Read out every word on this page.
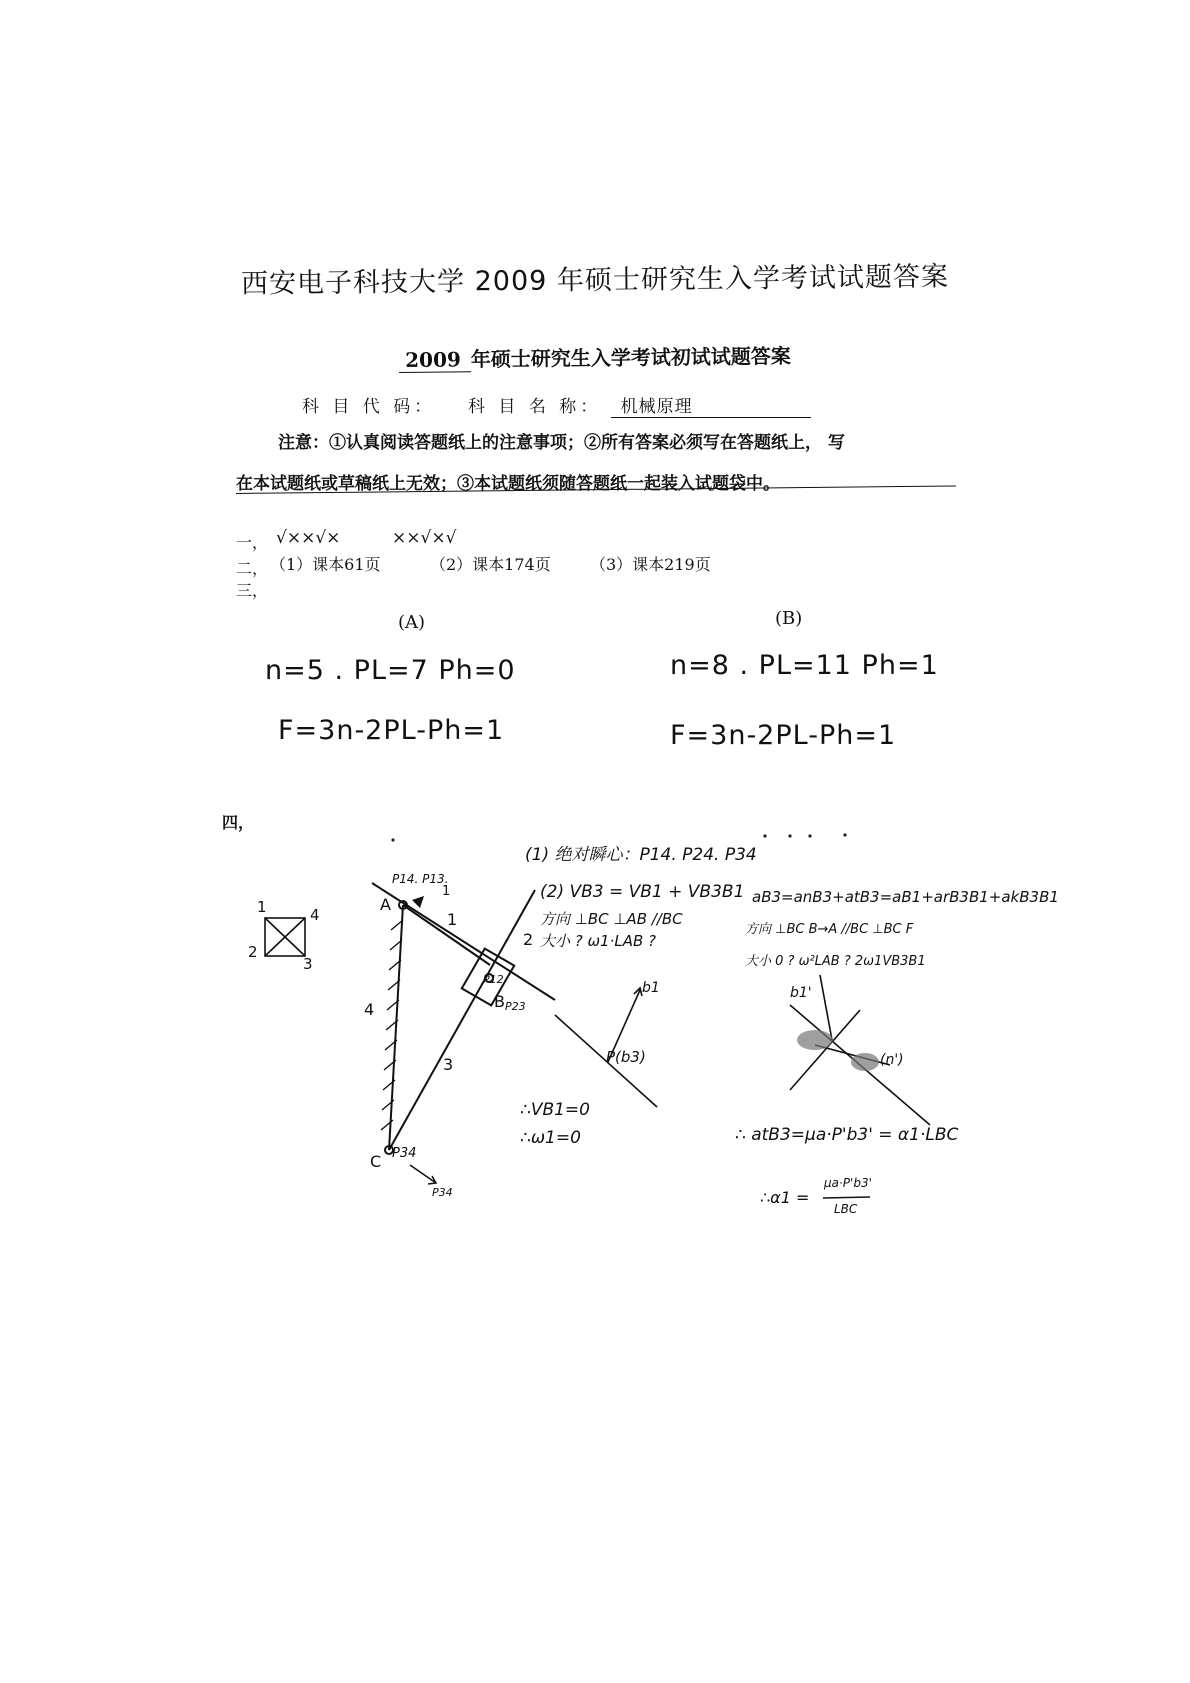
西安电子科技大学 2009 年硕士研究生入学考试试题答案
2009 年硕士研究生入学考试初试试题答案
科 目 代 码： 科 目 名 称： 机械原理
注意：①认真阅读答题纸上的注意事项；②所有答案必须写在答题纸上， 写
在本试题纸或草稿纸上无效；③本试题纸须随答题纸一起装入试题袋中。
一， √××√×	××√×√
二， （1）课本61页	（2）课本174页 （3）课本219页
三，
(A)	(B)
n=5 . PL=7 Ph=0
F=3n-2PL-Ph=1
n=8 . PL=11 Ph=1
F=3n-2PL-Ph=1
四，
1	4
2
3
A
B
C
1
2
3
4
P14. P13.
1
P12
P23
P34
P34
(1) 绝对瞬心：P14. P24. P34
(2) VB3 = VB1 + VB3B1
方向 ⊥BC ⊥AB //BC
大小 ? ω1·LAB ?
b1
P(b3)
∴VB1=0
∴ω1=0
aB3=anB3+atB3=aB1+arB3B1+akB3B1
方向 ⊥BC B→A //BC ⊥BC F
大小 0 ? ω²LAB ? 2ω1VB3B1
b1'
(n')
∴ atB3=μa·P'b3' = α1·LBC
∴α1 =
μa·P'b3'
LBC
